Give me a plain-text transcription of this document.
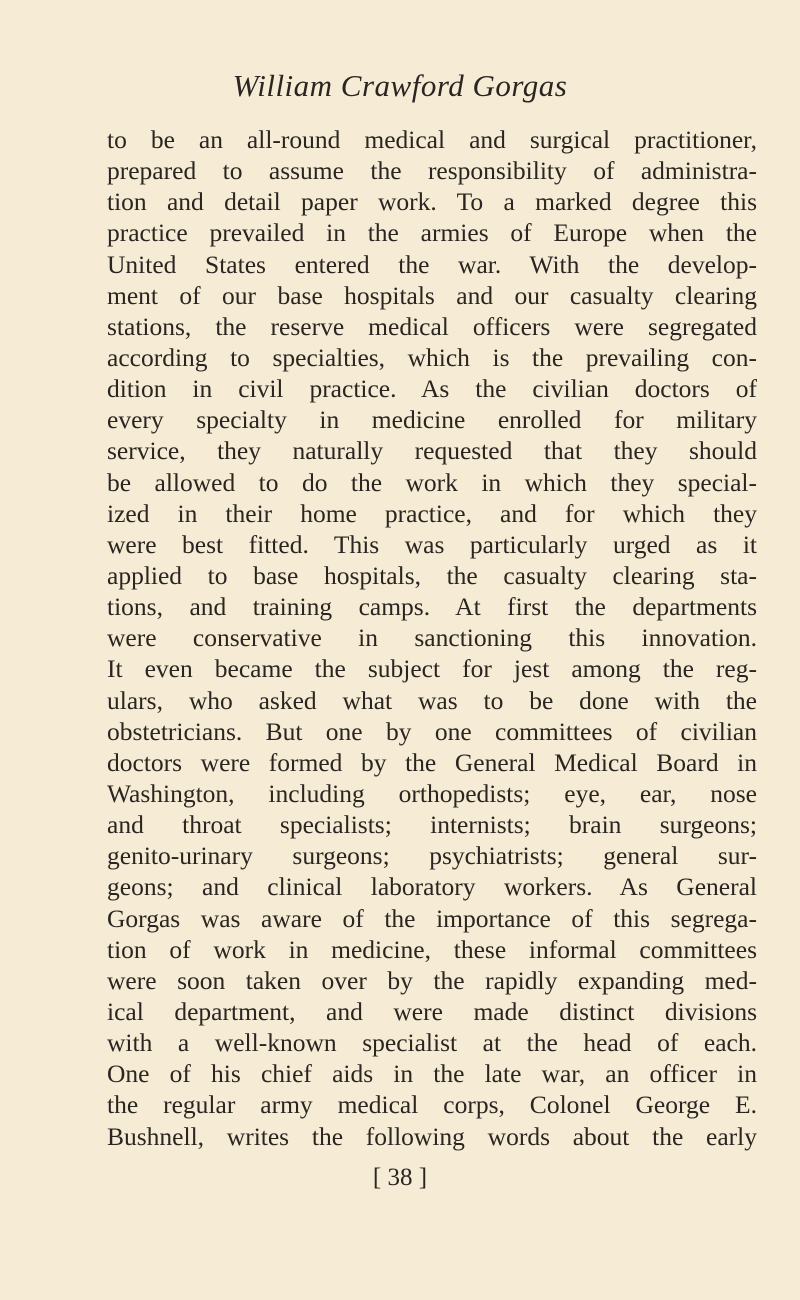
William Crawford Gorgas
to be an all-round medical and surgical practitioner,
prepared to assume the responsibility of administra-
tion and detail paper work. To a marked degree this
practice prevailed in the armies of Europe when the
United States entered the war. With the develop-
ment of our base hospitals and our casualty clearing
stations, the reserve medical officers were segregated
according to specialties, which is the prevailing con-
dition in civil practice. As the civilian doctors of
every specialty in medicine enrolled for military
service, they naturally requested that they should
be allowed to do the work in which they special-
ized in their home practice, and for which they
were best fitted. This was particularly urged as it
applied to base hospitals, the casualty clearing sta-
tions, and training camps. At first the departments
were conservative in sanctioning this innovation.
It even became the subject for jest among the reg-
ulars, who asked what was to be done with the
obstetricians. But one by one committees of civilian
doctors were formed by the General Medical Board in
Washington, including orthopedists; eye, ear, nose
and throat specialists; internists; brain surgeons;
genito-urinary surgeons; psychiatrists; general sur-
geons; and clinical laboratory workers. As General
Gorgas was aware of the importance of this segrega-
tion of work in medicine, these informal committees
were soon taken over by the rapidly expanding med-
ical department, and were made distinct divisions
with a well-known specialist at the head of each.
One of his chief aids in the late war, an officer in
the regular army medical corps, Colonel George E.
Bushnell, writes the following words about the early
[ 38 ]
